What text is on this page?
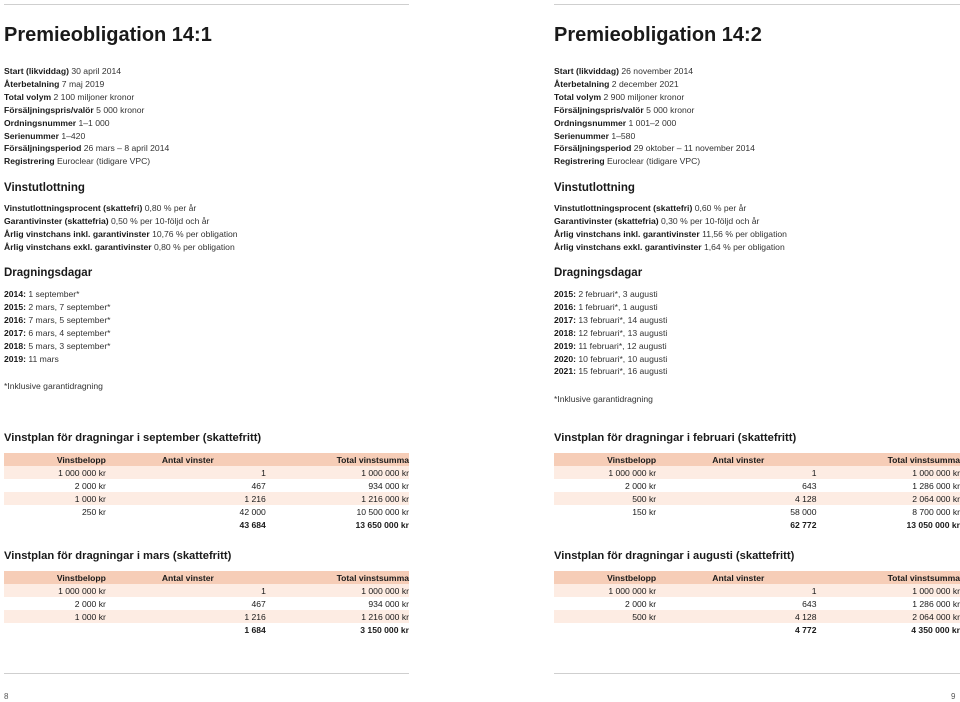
Premieobligation 14:1
Start (likviddag) 30 april 2014
Återbetalning 7 maj 2019
Total volym 2 100 miljoner kronor
Försäljningspris/valör 5 000 kronor
Ordningsnummer 1–1 000
Serienummer 1–420
Försäljningsperiod 26 mars – 8 april 2014
Registrering Euroclear (tidigare VPC)
Vinstutlottning
Vinstutlottningsprocent (skattefri) 0,80 % per år
Garantivinster (skattefria) 0,50 % per 10-följd och år
Årlig vinstchans inkl. garantivinster 10,76 % per obligation
Årlig vinstchans exkl. garantivinster 0,80 % per obligation
Dragningsdagar
2014: 1 september*
2015: 2 mars, 7 september*
2016: 7 mars, 5 september*
2017: 6 mars, 4 september*
2018: 5 mars, 3 september*
2019: 11 mars
*Inklusive garantidragning
Premieobligation 14:2
Start (likviddag) 26 november 2014
Återbetalning 2 december 2021
Total volym 2 900 miljoner kronor
Försäljningspris/valör 5 000 kronor
Ordningsnummer 1 001–2 000
Serienummer 1–580
Försäljningsperiod 29 oktober – 11 november 2014
Registrering Euroclear (tidigare VPC)
Vinstutlottning
Vinstutlottningsprocent (skattefri) 0,60 % per år
Garantivinster (skattefria) 0,30 % per 10-följd och år
Årlig vinstchans inkl. garantivinster 11,56 % per obligation
Årlig vinstchans exkl. garantivinster 1,64 % per obligation
Dragningsdagar
2015: 2 februari*, 3 augusti
2016: 1 februari*, 1 augusti
2017: 13 februari*, 14 augusti
2018: 12 februari*, 13 augusti
2019: 11 februari*, 12 augusti
2020: 10 februari*, 10 augusti
2021: 15 februari*, 16 augusti
*Inklusive garantidragning
Vinstplan för dragningar i september (skattefritt)
Vinstbelopp	Antal vinster	Total vinstsumma
1 000 000 kr	1	1 000 000 kr
2 000 kr	467	934 000 kr
1 000 kr	1 216	1 216 000 kr
250 kr	42 000	10 500 000 kr
	43 684	13 650 000 kr
Vinstplan för dragningar i mars (skattefritt)
Vinstbelopp	Antal vinster	Total vinstsumma
1 000 000 kr	1	1 000 000 kr
2 000 kr	467	934 000 kr
1 000 kr	1 216	1 216 000 kr
	1 684	3 150 000 kr
Vinstplan för dragningar i februari (skattefritt)
Vinstbelopp	Antal vinster	Total vinstsumma
1 000 000 kr	1	1 000 000 kr
2 000 kr	643	1 286 000 kr
500 kr	4 128	2 064 000 kr
150 kr	58 000	8 700 000 kr
	62 772	13 050 000 kr
Vinstplan för dragningar i augusti (skattefritt)
Vinstbelopp	Antal vinster	Total vinstsumma
1 000 000 kr	1	1 000 000 kr
2 000 kr	643	1 286 000 kr
500 kr	4 128	2 064 000 kr
	4 772	4 350 000 kr
8	9
